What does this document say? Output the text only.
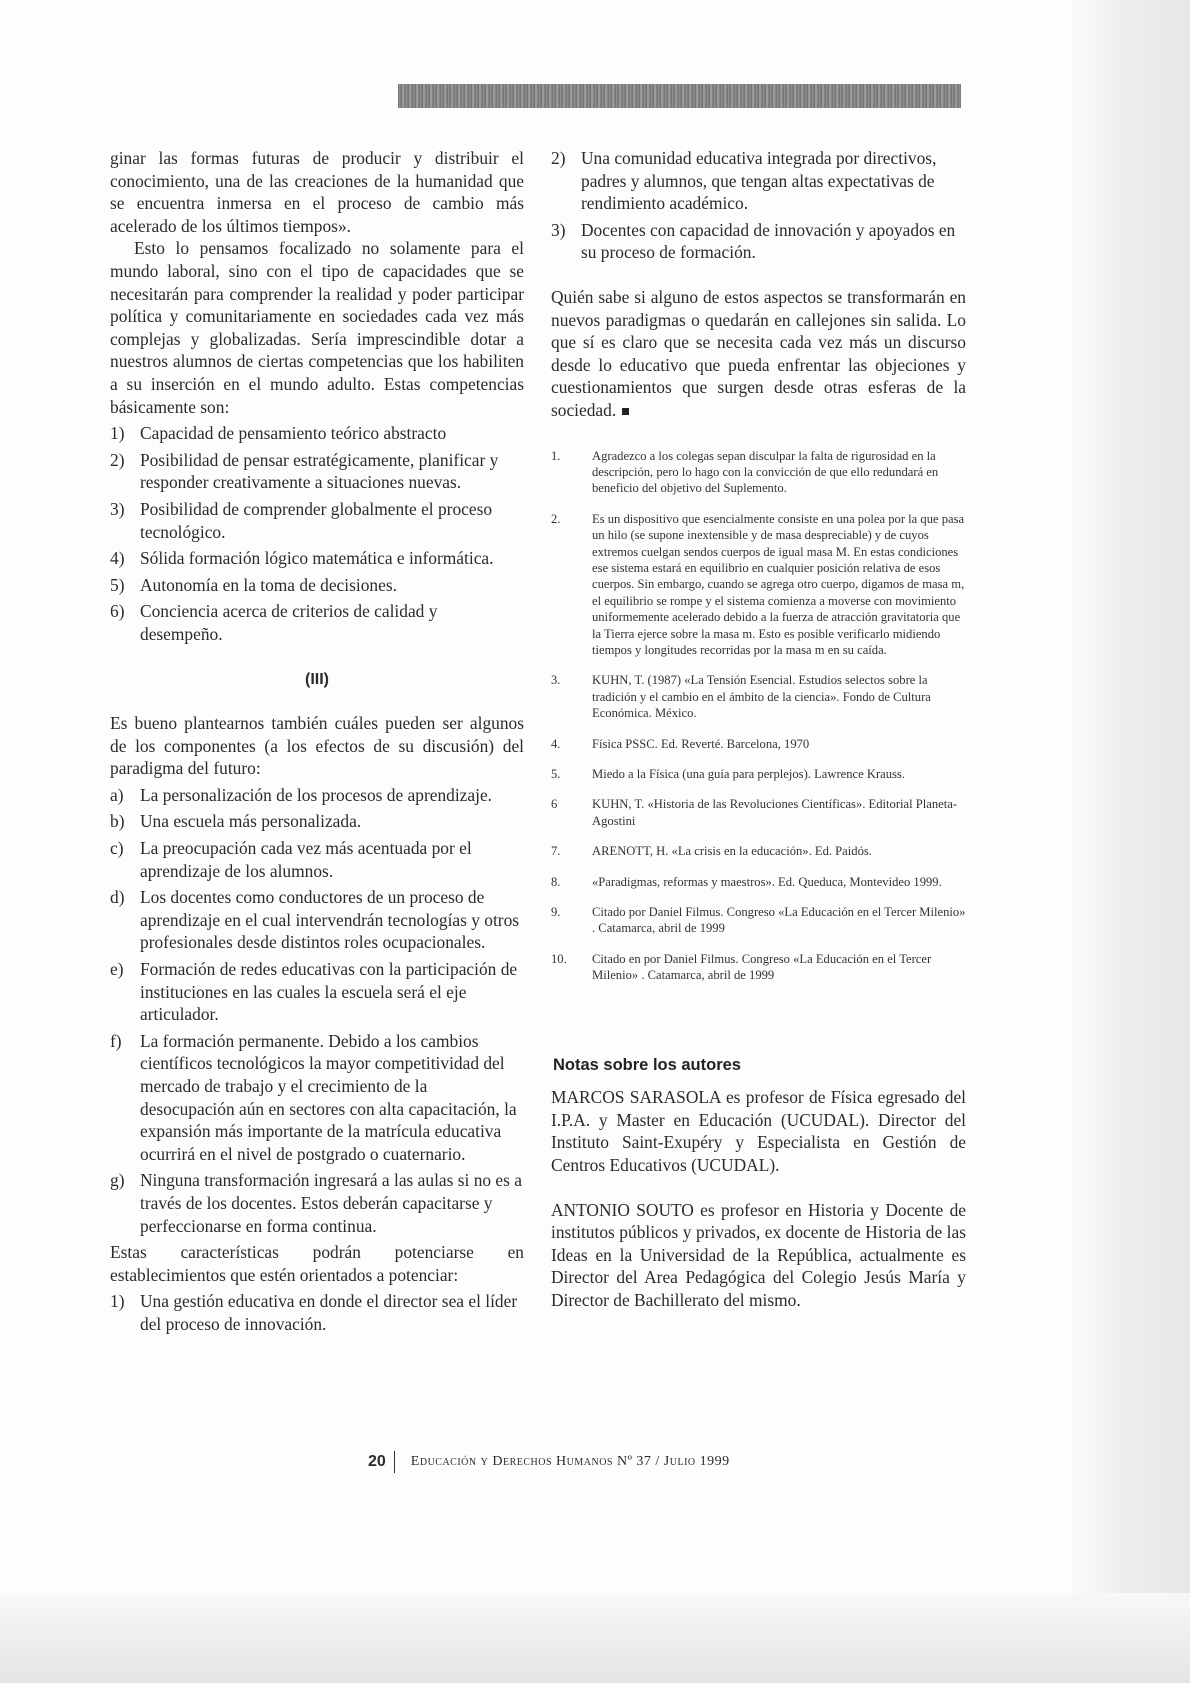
ginar las formas futuras de producir y distribuir el conocimiento, una de las creaciones de la humanidad que se encuentra inmersa en el proceso de cambio más acelerado de los últimos tiempos».

Esto lo pensamos focalizado no solamente para el mundo laboral, sino con el tipo de capacidades que se necesitarán para comprender la realidad y poder participar política y comunitariamente en sociedades cada vez más complejas y globalizadas. Sería imprescindible dotar a nuestros alumnos de ciertas competencias que los habiliten a su inserción en el mundo adulto. Estas competencias básicamente son:

1) Capacidad de pensamiento teórico abstracto
2) Posibilidad de pensar estratégicamente, planificar y responder creativamente a situaciones nuevas.
3) Posibilidad de comprender globalmente el proceso tecnológico.
4) Sólida formación lógico matemática e informática.
5) Autonomía en la toma de decisiones.
6) Conciencia acerca de criterios de calidad y desempeño.
(III)

Es bueno plantearnos también cuáles pueden ser algunos de los componentes (a los efectos de su discusión) del paradigma del futuro:

a) La personalización de los procesos de aprendizaje.
b) Una escuela más personalizada.
c) La preocupación cada vez más acentuada por el aprendizaje de los alumnos.
d) Los docentes como conductores de un proceso de aprendizaje en el cual intervendrán tecnologías y otros profesionales desde distintos roles ocupacionales.
e) Formación de redes educativas con la participación de instituciones en las cuales la escuela será el eje articulador.
f)	La formación permanente. Debido a los cambios científicos tecnológicos la mayor competitividad del mercado de trabajo y el crecimiento de la desocupación aún en sectores con alta capacitación, la expansión más importante de la matrícula educativa ocurrirá en el nivel de postgrado o cuaternario.
g) Ninguna transformación ingresará a las aulas si no es a través de los docentes. Estos deberán capacitarse y perfeccionarse en forma continua.

Estas características podrán potenciarse en establecimientos que estén orientados a potenciar:

1) Una gestión educativa en donde el director sea el líder del proceso de innovación.
2) Una comunidad educativa integrada por directivos, padres y alumnos, que tengan altas expectativas de rendimiento académico.
3) Docentes con capacidad de innovación y apoyados en su proceso de formación.

Quién sabe si alguno de estos aspectos se transformarán en nuevos paradigmas o quedarán en callejones sin salida. Lo que sí es claro que se necesita cada vez más un discurso desde lo educativo que pueda enfrentar las objeciones y cuestionamientos que surgen desde otras esferas de la sociedad.

1.	Agradezco a los colegas sepan disculpar la falta de rigurosidad en la descripción, pero lo hago con la convicción de que ello redundará en beneficio del objetivo del Suplemento.
2.	Es un dispositivo que esencialmente consiste en una polea por la que pasa un hilo (se supone inextensible y de masa despreciable) y de cuyos extremos cuelgan sendos cuerpos de igual masa M. En estas condiciones ese sistema estará en equilibrio en cualquier posición relativa de esos cuerpos. Sin embargo, cuando se agrega otro cuerpo, digamos de masa m, el equilibrio se rompe y el sistema comienza a moverse con movimiento uniformemente acelerado debido a la fuerza de atracción gravitatoria que la Tierra ejerce sobre la masa m. Esto es posible verificarlo midiendo tiempos y longitudes recorridas por la masa m en su caída.
3.	KUHN, T. (1987) «La Tensión Esencial. Estudios selectos sobre la tradición y el cambio en el ámbito de la ciencia». Fondo de Cultura Económica. México.
4.	Física PSSC. Ed. Reverté. Barcelona, 1970
5.	Miedo a la Física (una guía para perplejos). Lawrence Krauss.
6	KUHN, T. «Historia de las Revoluciones Científicas». Editorial Planeta-Agostini
7.	ARENOTT, H. «La crisis en la educación». Ed. Paidós.
8.	«Paradigmas, reformas y maestros». Ed. Queduca, Montevideo 1999.
9.	Citado por Daniel Filmus. Congreso «La Educación en el Tercer Milenio» . Catamarca, abril de 1999
10.	Citado en por Daniel Filmus. Congreso «La Educación en el Tercer Milenio» . Catamarca, abril de 1999
Notas sobre los autores

MARCOS SARASOLA es profesor de Física egresado del I.P.A. y Master en Educación (UCUDAL). Director del Instituto Saint-Exupéry y Especialista en Gestión de Centros Educativos (UCUDAL).

ANTONIO SOUTO es profesor en Historia y Docente de institutos públicos y privados, ex docente de Historia de las Ideas en la Universidad de la República, actualmente es Director del Area Pedagógica del Colegio Jesús María y Director de Bachillerato del mismo.

20 Educación y Derechos Humanos Nº 37 / Julio 1999
